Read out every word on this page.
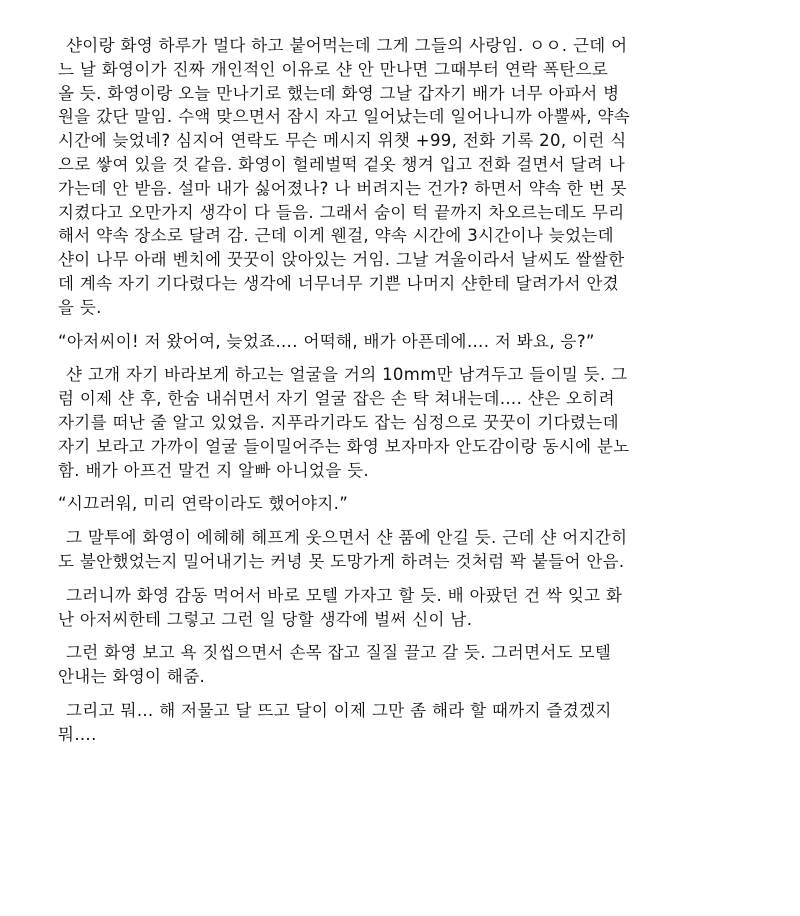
샨이랑 화영 하루가 멀다 하고 붙어먹는데 그게 그들의 사랑임. ㅇㅇ. 근데 어
느 날 화영이가 진짜 개인적인 이유로 샨 안 만나면 그때부터 연락 폭탄으로
올 듯. 화영이랑 오늘 만나기로 했는데 화영 그날 갑자기 배가 너무 아파서 병
원을 갔단 말임. 수액 맞으면서 잠시 자고 일어났는데 일어나니까 아뿔싸, 약속
시간에 늦었네? 심지어 연락도 무슨 메시지 위챗 +99, 전화 기록 20, 이런 식
으로 쌓여 있을 것 같음. 화영이 헐레벌떡 겉옷 챙겨 입고 전화 걸면서 달려 나
가는데 안 받음. 설마 내가 싫어졌나? 나 버려지는 건가? 하면서 약속 한 번 못
지켰다고 오만가지 생각이 다 들음. 그래서 숨이 턱 끝까지 차오르는데도 무리
해서 약속 장소로 달려 감. 근데 이게 웬걸, 약속 시간에 3시간이나 늦었는데
샨이 나무 아래 벤치에 꿋꿋이 앉아있는 거임. 그날 겨울이라서 날씨도 쌀쌀한
데 계속 자기 기다렸다는 생각에 너무너무 기쁜 나머지 샨한테 달려가서 안겼
을 듯.

“아저씨이! 저 왔어여, 늦었죠…. 어떡해, 배가 아픈데에…. 저 봐요, 응?”

샨 고개 자기 바라보게 하고는 얼굴을 거의 10mm만 남겨두고 들이밀 듯. 그
럼 이제 샨 후, 한숨 내쉬면서 자기 얼굴 잡은 손 탁 쳐내는데…. 샨은 오히려
자기를 떠난 줄 알고 있었음. 지푸라기라도 잡는 심정으로 꿋꿋이 기다렸는데
자기 보라고 가까이 얼굴 들이밀어주는 화영 보자마자 안도감이랑 동시에 분노
함. 배가 아프건 말건 지 알빠 아니었을 듯.

“시끄러워, 미리 연락이라도 했어야지.”

그 말투에 화영이 에헤헤 헤프게 웃으면서 샨 품에 안길 듯. 근데 샨 어지간히
도 불안했었는지 밀어내기는 커녕 못 도망가게 하려는 것처럼 꽉 붙들어 안음.

그러니까 화영 감동 먹어서 바로 모텔 가자고 할 듯. 배 아팠던 건 싹 잊고 화
난 아저씨한테 그렇고 그런 일 당할 생각에 벌써 신이 남.

그런 화영 보고 욕 짓씹으면서 손목 잡고 질질 끌고 갈 듯. 그러면서도 모텔
안내는 화영이 해줌.

그리고 뭐… 해 저물고 달 뜨고 달이 이제 그만 좀 해라 할 때까지 즐겼겠지
뭐….
